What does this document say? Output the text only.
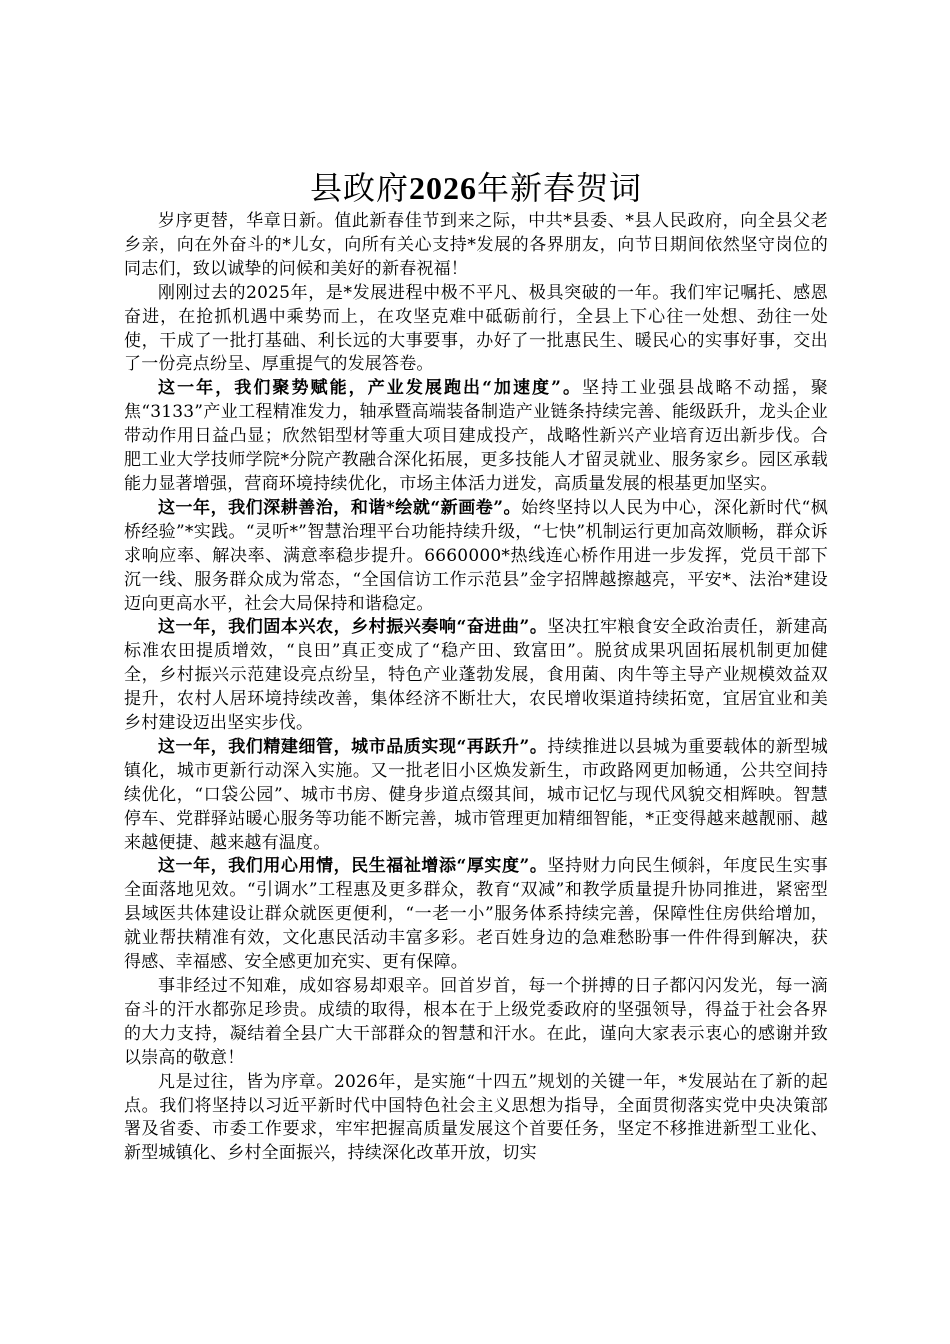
县政府2026年新春贺词

岁序更替，华章日新。值此新春佳节到来之际，中共*县委、*县人民政府，向全县父老乡亲，向在外奋斗的*儿女，向所有关心支持*发展的各界朋友，向节日期间依然坚守岗位的同志们，致以诚挚的问候和美好的新春祝福！

刚刚过去的2025年，是*发展进程中极不平凡、极具突破的一年。我们牢记嘱托、感恩奋进，在抢抓机遇中乘势而上，在攻坚克难中砥砺前行，全县上下心往一处想、劲往一处使，干成了一批打基础、利长远的大事要事，办好了一批惠民生、暖民心的实事好事，交出了一份亮点纷呈、厚重提气的发展答卷。

这一年，我们聚势赋能，产业发展跑出“加速度”。坚持工业强县战略不动摇，聚焦“3133”产业工程精准发力，轴承暨高端装备制造产业链条持续完善、能级跃升，龙头企业带动作用日益凸显；欣然铝型材等重大项目建成投产，战略性新兴产业培育迈出新步伐。合肥工业大学技师学院*分院产教融合深化拓展，更多技能人才留灵就业、服务家乡。园区承载能力显著增强，营商环境持续优化，市场主体活力迸发，高质量发展的根基更加坚实。

这一年，我们深耕善治，和谐*绘就“新画卷”。始终坚持以人民为中心，深化新时代“枫桥经验”*实践。“灵听*”智慧治理平台功能持续升级，“七快”机制运行更加高效顺畅，群众诉求响应率、解决率、满意率稳步提升。6660000*热线连心桥作用进一步发挥，党员干部下沉一线、服务群众成为常态，“全国信访工作示范县”金字招牌越擦越亮，平安*、法治*建设迈向更高水平，社会大局保持和谐稳定。

这一年，我们固本兴农，乡村振兴奏响“奋进曲”。坚决扛牢粮食安全政治责任，新建高标准农田提质增效，“良田”真正变成了“稳产田、致富田”。脱贫成果巩固拓展机制更加健全，乡村振兴示范建设亮点纷呈，特色产业蓬勃发展，食用菌、肉牛等主导产业规模效益双提升，农村人居环境持续改善，集体经济不断壮大，农民增收渠道持续拓宽，宜居宜业和美乡村建设迈出坚实步伐。

这一年，我们精建细管，城市品质实现“再跃升”。持续推进以县城为重要载体的新型城镇化，城市更新行动深入实施。又一批老旧小区焕发新生，市政路网更加畅通，公共空间持续优化，“口袋公园”、城市书房、健身步道点缀其间，城市记忆与现代风貌交相辉映。智慧停车、党群驿站暖心服务等功能不断完善，城市管理更加精细智能，*正变得越来越靓丽、越来越便捷、越来越有温度。

这一年，我们用心用情，民生福祉增添“厚实度”。坚持财力向民生倾斜，年度民生实事全面落地见效。“引调水”工程惠及更多群众，教育“双减”和教学质量提升协同推进，紧密型县域医共体建设让群众就医更便利，“一老一小”服务体系持续完善，保障性住房供给增加，就业帮扶精准有效，文化惠民活动丰富多彩。老百姓身边的急难愁盼事一件件得到解决，获得感、幸福感、安全感更加充实、更有保障。

事非经过不知难，成如容易却艰辛。回首岁首，每一个拼搏的日子都闪闪发光，每一滴奋斗的汗水都弥足珍贵。成绩的取得，根本在于上级党委政府的坚强领导，得益于社会各界的大力支持，凝结着全县广大干部群众的智慧和汗水。在此，谨向大家表示衷心的感谢并致以崇高的敬意！

凡是过往，皆为序章。2026年，是实施“十四五”规划的关键一年，*发展站在了新的起点。我们将坚持以习近平新时代中国特色社会主义思想为指导，全面贯彻落实党中央决策部署及省委、市委工作要求，牢牢把握高质量发展这个首要任务，坚定不移推进新型工业化、新型城镇化、乡村全面振兴，持续深化改革开放，切实
